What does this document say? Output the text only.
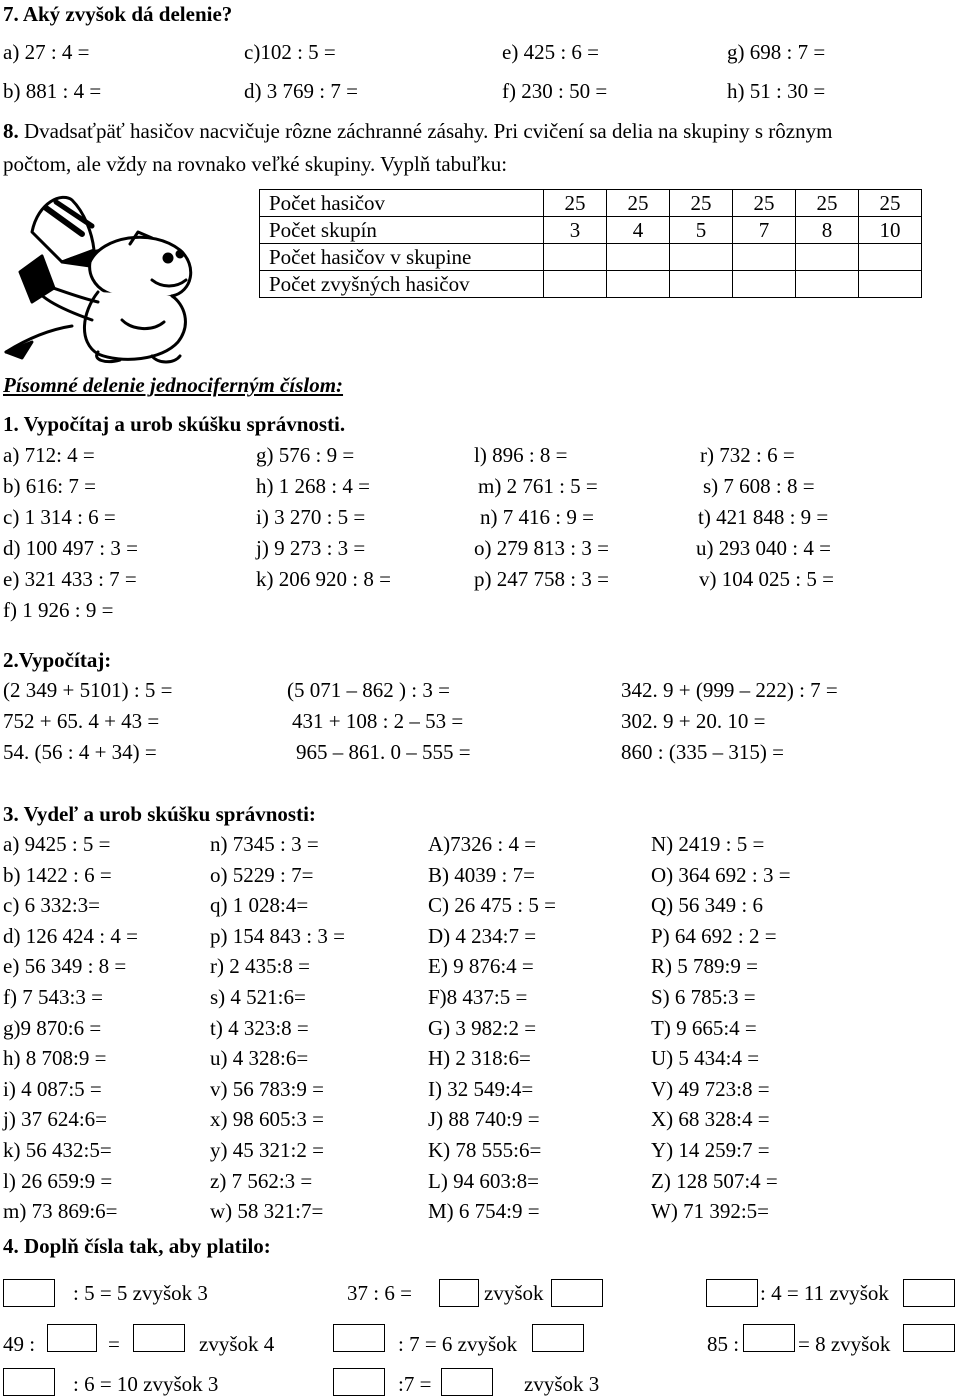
7. Aký zvyšok dá delenie?
a) 27 : 4 =	c)102 : 5 =	e) 425 : 6 =	g) 698 : 7 =
b) 881 : 4 =	d) 3 769 : 7 =	f) 230 : 50 =	h) 51 : 30 =
8. Dvadsaťpäť hasičov nacvičuje rôzne záchranné zásahy. Pri cvičení sa delia na skupiny s rôznym
počtom, ale vždy na rovnako veľké skupiny. Vyplň tabuľku:
Počet hasičov	25	25	25	25	25	25
Počet skupín	3	4	5	7	8	10
Počet hasičov v skupine						
Počet zvyšných hasičov						
Písomné delenie jednociferným číslom:
1. Vypočítaj a urob skúšku správnosti.
a) 712: 4 =	g) 576 : 9 =	l) 896 : 8 =	r) 732 : 6 =
b) 616: 7 =	h) 1 268 : 4 =	m) 2 761 : 5 =	s) 7 608 : 8 =
c) 1 314 : 6 =	i) 3 270 : 5 =	n) 7 416 : 9 =	t) 421 848 : 9 =
d) 100 497 : 3 =	j) 9 273 : 3 =	o) 279 813 : 3 =	u) 293 040 : 4 =
e) 321 433 : 7 =	k) 206 920 : 8 =	p) 247 758 : 3 =	v) 104 025 : 5 =
f) 1 926 : 9 =
2.Vypočítaj:
(2 349 + 5101) : 5 =	(5 071 – 862 ) : 3 =	342. 9 + (999 – 222) : 7 =
752 + 65. 4 + 43 =	431 + 108 : 2 – 53 =	302. 9 + 20. 10 =
54. (56 : 4 + 34) =	965 – 861. 0 – 555 =	860 : (335 – 315) =
3. Vydeľ a urob skúšku správnosti:
a) 9425 : 5 =	n) 7345 : 3 =	A)7326 : 4 =	N) 2419 : 5 =
b) 1422 : 6 =	o) 5229 : 7=	B) 4039 : 7=	O) 364 692 : 3 =
c) 6 332:3=	q) 1 028:4=	C) 26 475 : 5 =	Q) 56 349 : 6
d) 126 424 : 4 =	p) 154 843 : 3 =	D) 4 234:7 =	P) 64 692 : 2 =
e) 56 349 : 8 =	r) 2 435:8 =	E) 9 876:4 =	R) 5 789:9 =
f) 7 543:3 =	s) 4 521:6=	F)8 437:5 =	S) 6 785:3 =
g)9 870:6 =	t) 4 323:8 =	G) 3 982:2 =	T) 9 665:4 =
h) 8 708:9 =	u) 4 328:6=	H) 2 318:6=	U) 5 434:4 =
i) 4 087:5 =	v) 56 783:9 =	I) 32 549:4=	V) 49 723:8 =
j) 37 624:6=	x) 98 605:3 =	J) 88 740:9 =	X) 68 328:4 =
k) 56 432:5=	y) 45 321:2 =	K) 78 555:6=	Y) 14 259:7 =
l) 26 659:9 =	z) 7 562:3 =	L) 94 603:8=	Z) 128 507:4 =
m) 73 869:6=	w) 58 321:7=	M) 6 754:9 =	W) 71 392:5=
4. Doplň čísla tak, aby platilo:
: 5 = 5 zvyšok 3	37 : 6 =	zvyšok	: 4 = 11 zvyšok
49 :	=	zvyšok 4	: 7 = 6 zvyšok	85 :	= 8 zvyšok
: 6 = 10 zvyšok 3	:7 =	zvyšok 3
